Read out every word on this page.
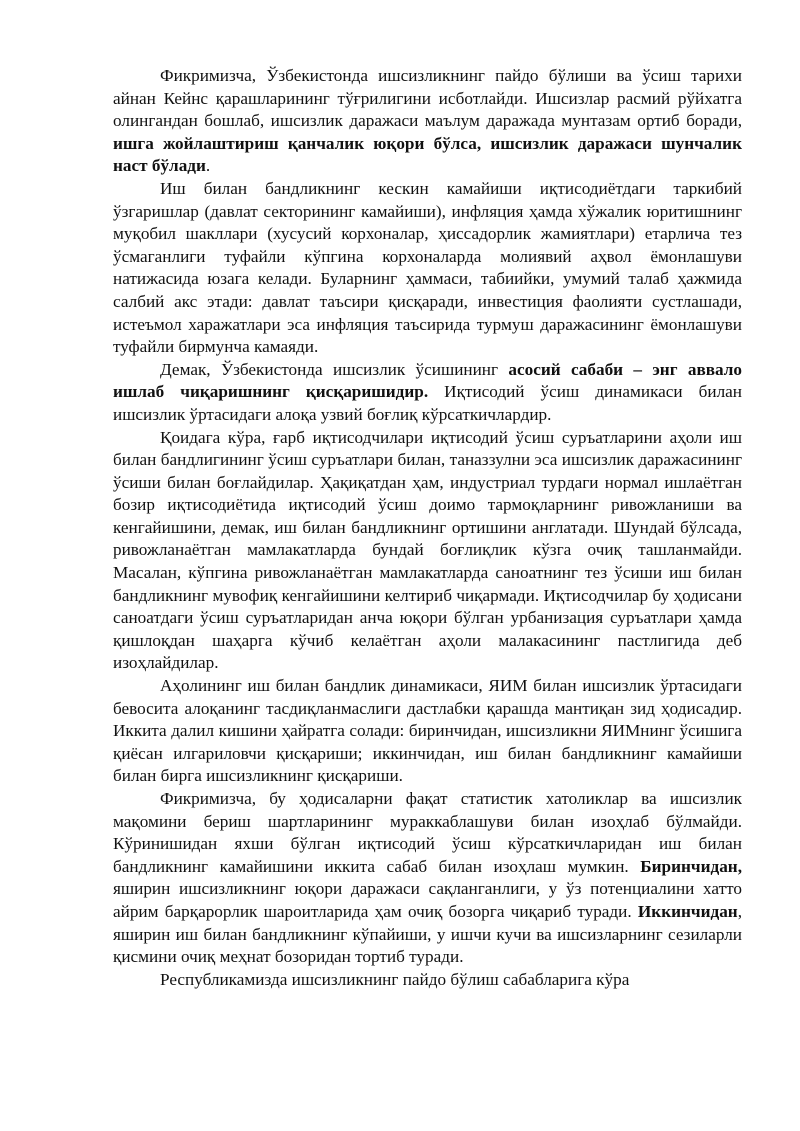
Фикримизча, Ўзбекистонда ишсизликнинг пайдо бўлиши ва ўсиш тарихи айнан Кейнс қарашларининг тўғрилигини исботлайди. Ишсизлар расмий рўйхатга олингандан бошлаб, ишсизлик даражаси маълум даражада мунтазам ортиб боради, ишга жойлаштириш қанчалик юқори бўлса, ишсизлик даражаси шунчалик наст бўлади.

Иш билан бандликнинг кескин камайиши иқтисодиётдаги таркибий ўзгаришлар (давлат секторининг камайиши), инфляция ҳамда хўжалик юритишнинг муқобил шакллари (хусусий корхоналар, ҳиссадорлик жамиятлари) етарлича тез ўсмаганлиги туфайли кўпгина корхоналарда молиявий аҳвол ёмонлашуви натижасида юзага келади. Буларнинг ҳаммаси, табиийки, умумий талаб ҳажмида салбий акс этади: давлат таъсири қисқаради, инвестиция фаолияти сустлашади, истеъмол харажатлари эса инфляция таъсирида турмуш даражасининг ёмонлашуви туфайли бирмунча камаяди.

Демак, Ўзбекистонда ишсизлик ўсишининг асосий сабаби – энг аввало ишлаб чиқаришнинг қисқаришидир. Иқтисодий ўсиш динамикаси билан ишсизлик ўртасидаги алоқа узвий боғлиқ кўрсаткичлардир.

Қоидага кўра, ғарб иқтисодчилари иқтисодий ўсиш суръатларини аҳоли иш билан бандлигининг ўсиш суръатлари билан, таназзулни эса ишсизлик даражасининг ўсиши билан боғлайдилар. Ҳақиқатдан ҳам, индустриал турдаги нормал ишлаётган бозир иқтисодиётида иқтисодий ўсиш доимо тармоқларнинг ривожланиши ва кенгайишини, демак, иш билан бандликнинг ортишини англатади. Шундай бўлсада, ривожланаётган мамлакатларда бундай боғлиқлик кўзга очиқ ташланмайди. Масалан, кўпгина ривожланаётган мамлакатларда саноатнинг тез ўсиши иш билан бандликнинг мувофиқ кенгайишини келтириб чиқармади. Иқтисодчилар бу ҳодисани саноатдаги ўсиш суръатларидан анча юқори бўлган урбанизация суръатлари ҳамда қишлоқдан шаҳарга кўчиб келаётган аҳоли малакасининг пастлигида деб изоҳлайдилар.

Аҳолининг иш билан бандлик динамикаси, ЯИМ билан ишсизлик ўртасидаги бевосита алоқанинг тасдиқланмаслиги дастлабки қарашда мантиқан зид ҳодисадир. Иккита далил кишини ҳайратга солади: биринчидан, ишсизликни ЯИМнинг ўсишига қиёсан илгариловчи қисқариши; иккинчидан, иш билан бандликнинг камайиши билан бирга ишсизликнинг қисқариши.

Фикримизча, бу ҳодисаларни фақат статистик хатоликлар ва ишсизлик мақомини бериш шартларининг мураккаблашуви билан изоҳлаб бўлмайди. Кўринишидан яхши бўлган иқтисодий ўсиш кўрсаткичларидан иш билан бандликнинг камайишини иккита сабаб билан изоҳлаш мумкин. Биринчидан, яширин ишсизликнинг юқори даражаси сақланганлиги, у ўз потенциалини хатто айрим барқарорлик шароитларида ҳам очиқ бозорга чиқариб туради. Иккинчидан, яширин иш билан бандликнинг кўпайиши, у ишчи кучи ва ишсизларнинг сезиларли қисмини очиқ меҳнат бозоридан тортиб туради.

Республикамизда ишсизликнинг пайдо бўлиш сабабларига кўра
